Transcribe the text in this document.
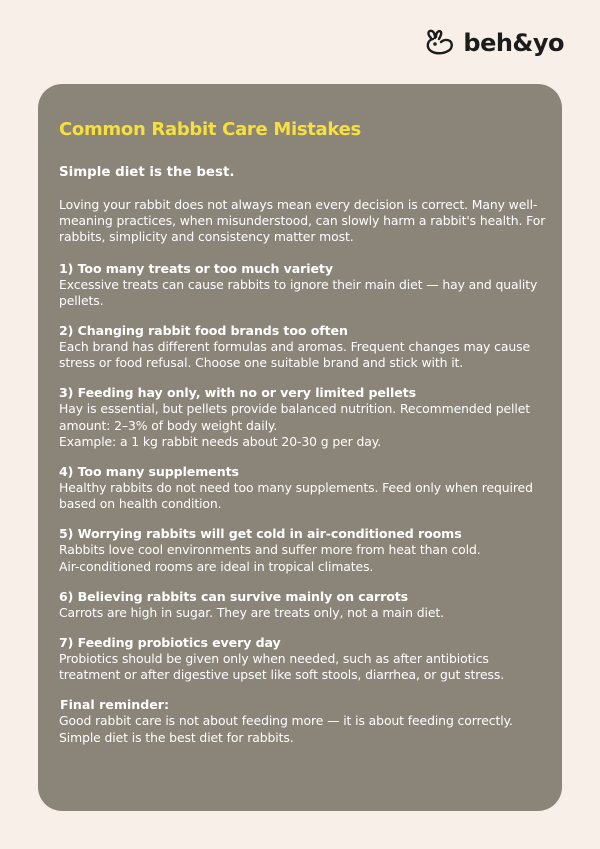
beh&yo
Common Rabbit Care Mistakes
Simple diet is the best.
Loving your rabbit does not always mean every decision is correct. Many well-meaning practices, when misunderstood, can slowly harm a rabbit's health. For rabbits, simplicity and consistency matter most.
1) Too many treats or too much variety
Excessive treats can cause rabbits to ignore their main diet — hay and quality pellets.
2) Changing rabbit food brands too often
Each brand has different formulas and aromas. Frequent changes may cause stress or food refusal. Choose one suitable brand and stick with it.
3) Feeding hay only, with no or very limited pellets
Hay is essential, but pellets provide balanced nutrition. Recommended pellet amount: 2–3% of body weight daily.
Example: a 1 kg rabbit needs about 20-30 g per day.
4) Too many supplements
Healthy rabbits do not need too many supplements. Feed only when required based on health condition.
5) Worrying rabbits will get cold in air-conditioned rooms
Rabbits love cool environments and suffer more from heat than cold.
Air-conditioned rooms are ideal in tropical climates.
6) Believing rabbits can survive mainly on carrots
Carrots are high in sugar. They are treats only, not a main diet.
7) Feeding probiotics every day
Probiotics should be given only when needed, such as after antibiotics treatment or after digestive upset like soft stools, diarrhea, or gut stress.
Final reminder:
Good rabbit care is not about feeding more — it is about feeding correctly. Simple diet is the best diet for rabbits.
